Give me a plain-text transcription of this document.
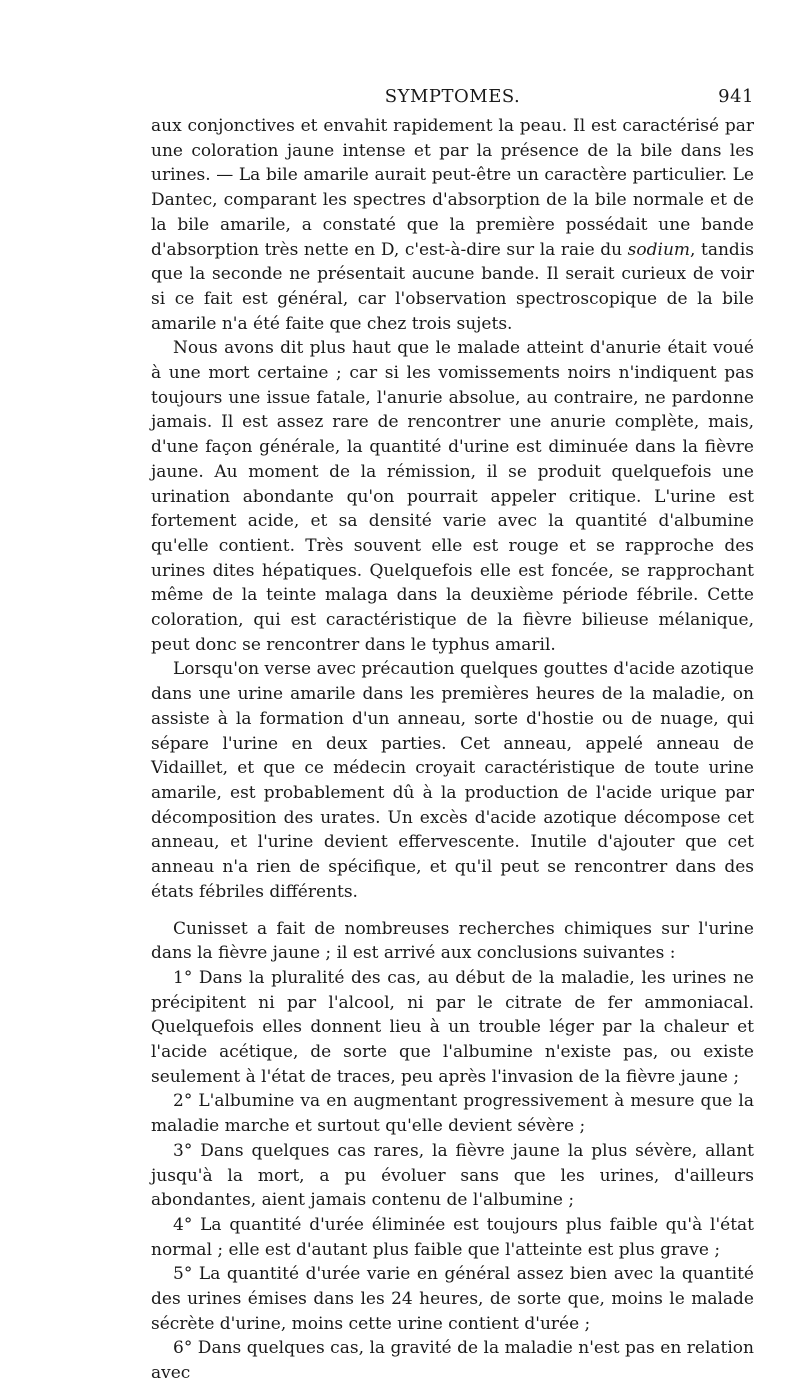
SYMPTOMES.	941

aux conjonctives et envahit rapidement la peau. Il est caractérisé par une coloration jaune intense et par la présence de la bile dans les urines. — La bile amarile aurait peut-être un caractère particulier. Le Dantec, comparant les spectres d'absorption de la bile normale et de la bile amarile, a constaté que la première possédait une bande d'absorption très nette en D, c'est-à-dire sur la raie du sodium, tandis que la seconde ne présentait aucune bande. Il serait curieux de voir si ce fait est général, car l'observation spectroscopique de la bile amarile n'a été faite que chez trois sujets.

Nous avons dit plus haut que le malade atteint d'anurie était voué à une mort certaine ; car si les vomissements noirs n'indiquent pas toujours une issue fatale, l'anurie absolue, au contraire, ne pardonne jamais. Il est assez rare de rencontrer une anurie complète, mais, d'une façon générale, la quantité d'urine est diminuée dans la fièvre jaune. Au moment de la rémission, il se produit quelquefois une urination abondante qu'on pourrait appeler critique. L'urine est fortement acide, et sa densité varie avec la quantité d'albumine qu'elle contient. Très souvent elle est rouge et se rapproche des urines dites hépatiques. Quelquefois elle est foncée, se rapprochant même de la teinte malaga dans la deuxième période fébrile. Cette coloration, qui est caractéristique de la fièvre bilieuse mélanique, peut donc se rencontrer dans le typhus amaril.

Lorsqu'on verse avec précaution quelques gouttes d'acide azotique dans une urine amarile dans les premières heures de la maladie, on assiste à la formation d'un anneau, sorte d'hostie ou de nuage, qui sépare l'urine en deux parties. Cet anneau, appelé anneau de Vidaillet, et que ce médecin croyait caractéristique de toute urine amarile, est probablement dû à la production de l'acide urique par décomposition des urates. Un excès d'acide azotique décompose cet anneau, et l'urine devient effervescente. Inutile d'ajouter que cet anneau n'a rien de spécifique, et qu'il peut se rencontrer dans des états fébriles différents.

Cunisset a fait de nombreuses recherches chimiques sur l'urine dans la fièvre jaune ; il est arrivé aux conclusions suivantes :

1° Dans la pluralité des cas, au début de la maladie, les urines ne précipitent ni par l'alcool, ni par le citrate de fer ammoniacal. Quelquefois elles donnent lieu à un trouble léger par la chaleur et l'acide acétique, de sorte que l'albumine n'existe pas, ou existe seulement à l'état de traces, peu après l'invasion de la fièvre jaune ;

2° L'albumine va en augmentant progressivement à mesure que la maladie marche et surtout qu'elle devient sévère ;

3° Dans quelques cas rares, la fièvre jaune la plus sévère, allant jusqu'à la mort, a pu évoluer sans que les urines, d'ailleurs abondantes, aient jamais contenu de l'albumine ;

4° La quantité d'urée éliminée est toujours plus faible qu'à l'état normal ; elle est d'autant plus faible que l'atteinte est plus grave ;

5° La quantité d'urée varie en général assez bien avec la quantité des urines émises dans les 24 heures, de sorte que, moins le malade sécrète d'urine, moins cette urine contient d'urée ;

6° Dans quelques cas, la gravité de la maladie n'est pas en relation avec
